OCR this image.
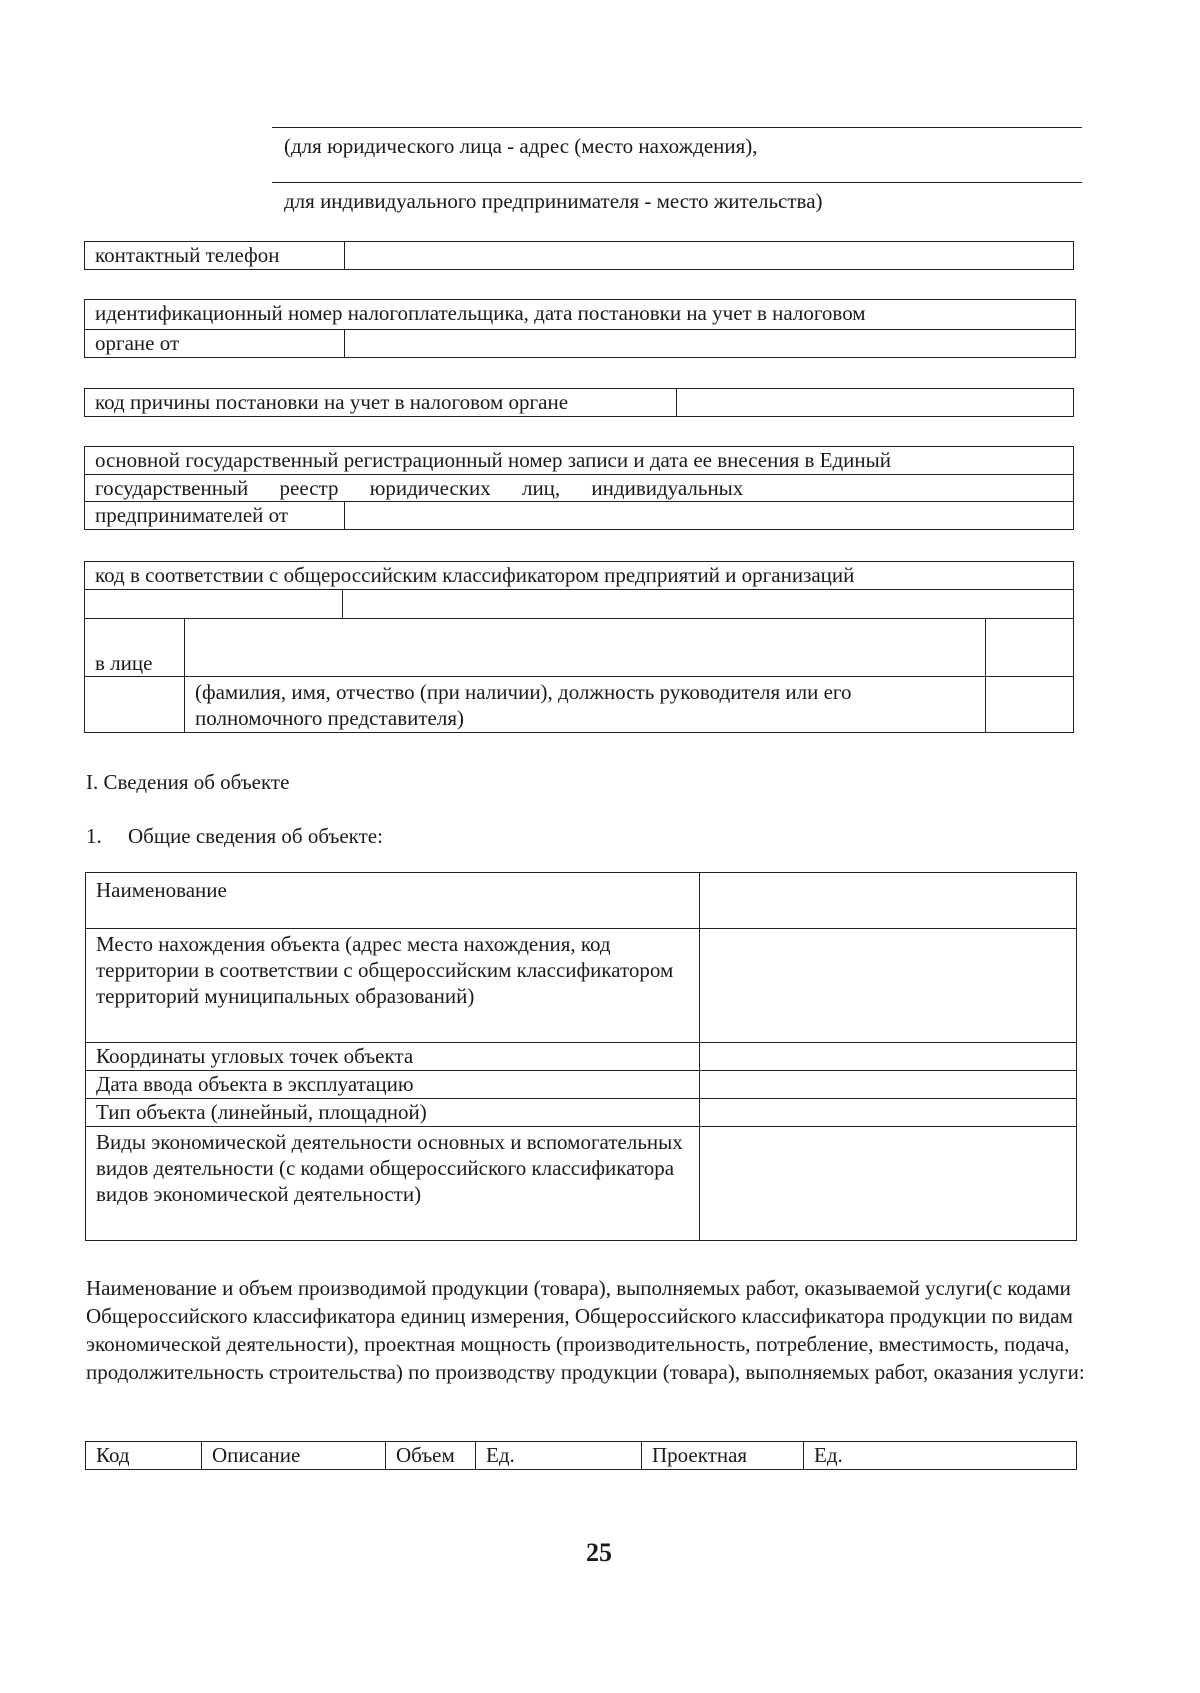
(для юридического лица - адрес (место нахождения),
для индивидуального предпринимателя - место жительства)
контактный телефон	
идентификационный номер налогоплательщика, дата постановки на учет в налоговом
органе от	
код причины постановки на учет в налоговом органе	
основной государственный регистрационный номер записи и дата ее внесения в Единый
государственный реестр юридических лиц, индивидуальных
предпринимателей от	
код в соответствии с общероссийским классификатором предприятий и организаций			

в лице			
	(фамилия, имя, отчество (при наличии), должность руководителя или его полномочного представителя)		
I. Сведения об объекте
1. Общие сведения об объекте:
Наименование	
Место нахождения объекта (адрес места нахождения, код территории в соответствии с общероссийским классификатором территорий муниципальных образований)	
Координаты угловых точек объекта	
Дата ввода объекта в эксплуатацию	
Тип объекта (линейный, площадной)	
Виды экономической деятельности основных и вспомогательных видов деятельности (с кодами общероссийского классификатора видов экономической деятельности)	
Наименование и объем производимой продукции (товара), выполняемых работ, оказываемой услуги(с кодами Общероссийского классификатора единиц измерения, Общероссийского классификатора продукции по видам экономической деятельности), проектная мощность (производительность, потребление, вместимость, подача, продолжительность строительства) по производству продукции (товара), выполняемых работ, оказания услуги:
Код	Описание	Объем	Ед.	Проектная	Ед.
25
